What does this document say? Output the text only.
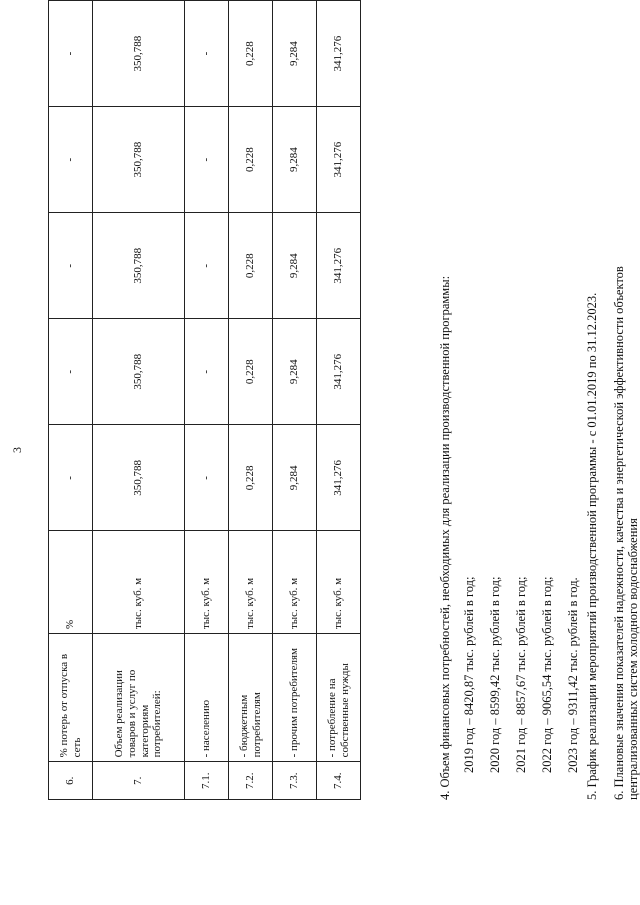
3
6.	% потерь от отпуска в сеть	%	-	-	-	-	-
7.	Объем реализации товаров и услуг по категориям потребителей:	тыс. куб. м	350,788	350,788	350,788	350,788	350,788
7.1.	- населению	тыс. куб. м	-	-	-	-	-
7.2.	- бюджетным потребителям	тыс. куб. м	0,228	0,228	0,228	0,228	0,228
7.3.	- прочим потребителям	тыс. куб. м	9,284	9,284	9,284	9,284	9,284
7.4.	- потребление на собственные нужды	тыс. куб. м	341,276	341,276	341,276	341,276	341,276
4. Объем финансовых потребностей, необходимых для реализации производственной программы: 2019 год – 8420,87 тыс. рублей в год; 2020 год – 8599,42 тыс. рублей в год; 2021 год – 8857,67 тыс. рублей в год; 2022 год – 9065,54 тыс. рублей в год; 2023 год – 9311,42 тыс. рублей в год. 5. График реализации мероприятий производственной программы - с 01.01.2019 по 31.12.2023. 6. Плановые значения показателей надежности, качества и энергетической эффективности объектов централизованных систем холодного водоснабжения
